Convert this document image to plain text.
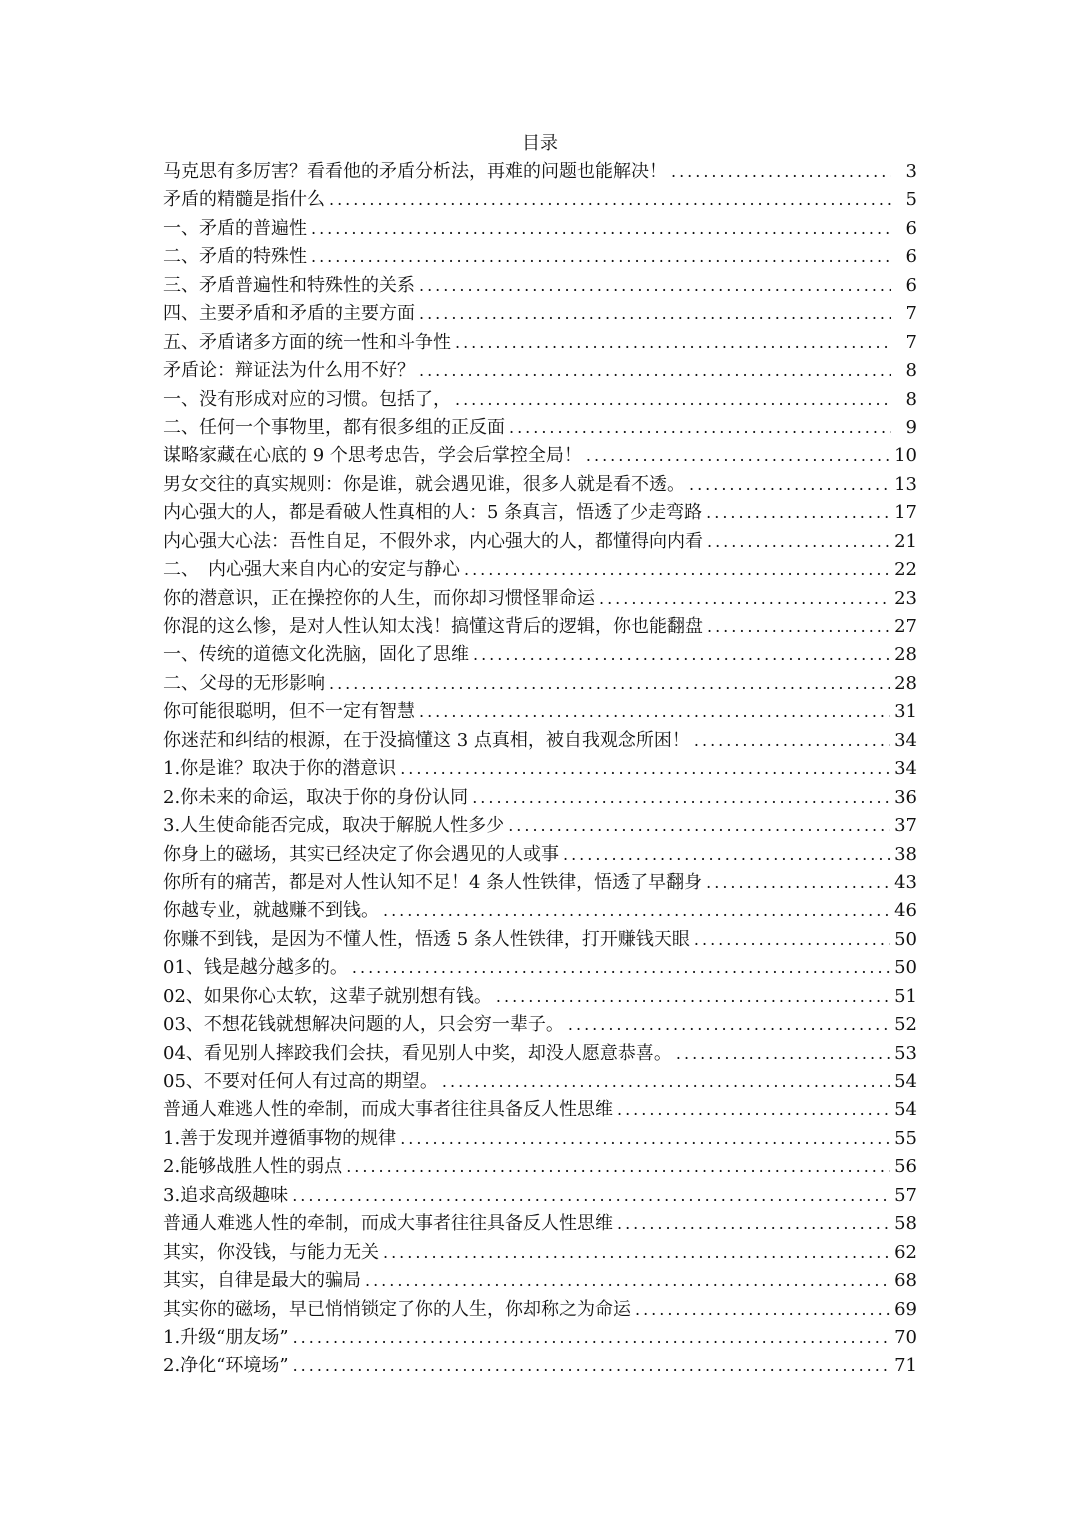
目录
马克思有多厉害？看看他的矛盾分析法，再难的问题也能解决！ .....	3
矛盾的精髓是指什么 .....	5
一、矛盾的普遍性 .....	6
二、矛盾的特殊性 .....	6
三、矛盾普遍性和特殊性的关系 .....	6
四、主要矛盾和矛盾的主要方面 .....	7
五、矛盾诸多方面的统一性和斗争性 .....	7
矛盾论：辩证法为什么用不好？ .....	8
一、没有形成对应的习惯。包括了， .....	8
二、任何一个事物里，都有很多组的正反面 .....	9
谋略家藏在心底的 9 个思考忠告，学会后掌控全局！ .....	10
男女交往的真实规则：你是谁，就会遇见谁，很多人就是看不透。 .....	13
内心强大的人，都是看破人性真相的人：5 条真言，悟透了少走弯路 .....	17
内心强大心法：吾性自足，不假外求，内心强大的人，都懂得向内看 .....	21
二、　内心强大来自内心的安定与静心 .....	22
你的潜意识，正在操控你的人生，而你却习惯怪罪命运 .....	23
你混的这么惨，是对人性认知太浅！搞懂这背后的逻辑，你也能翻盘 .....	27
一、传统的道德文化洗脑，固化了思维 .....	28
二、父母的无形影响 .....	28
你可能很聪明，但不一定有智慧 .....	31
你迷茫和纠结的根源，在于没搞懂这 3 点真相，被自我观念所困！ .....	34
1.你是谁？取决于你的潜意识 .....	34
2.你未来的命运，取决于你的身份认同 .....	36
3.人生使命能否完成，取决于解脱人性多少 .....	37
你身上的磁场，其实已经决定了你会遇见的人或事 .....	38
你所有的痛苦，都是对人性认知不足！4 条人性铁律，悟透了早翻身 .....	43
你越专业，就越赚不到钱。 .....	46
你赚不到钱，是因为不懂人性，悟透 5 条人性铁律，打开赚钱天眼 .....	50
01、钱是越分越多的。 .....	50
02、如果你心太软，这辈子就别想有钱。 .....	51
03、不想花钱就想解决问题的人，只会穷一辈子。 .....	52
04、看见别人摔跤我们会扶，看见别人中奖，却没人愿意恭喜。 .....	53
05、不要对任何人有过高的期望。 .....	54
普通人难逃人性的牵制，而成大事者往往具备反人性思维 .....	54
1.善于发现并遵循事物的规律 .....	55
2.能够战胜人性的弱点 .....	56
3.追求高级趣味 .....	57
普通人难逃人性的牵制，而成大事者往往具备反人性思维 .....	58
其实，你没钱，与能力无关 .....	62
其实，自律是最大的骗局 .....	68
其实你的磁场，早已悄悄锁定了你的人生，你却称之为命运 .....	69
1.升级“朋友场” .....	70
2.净化“环境场” .....	71
